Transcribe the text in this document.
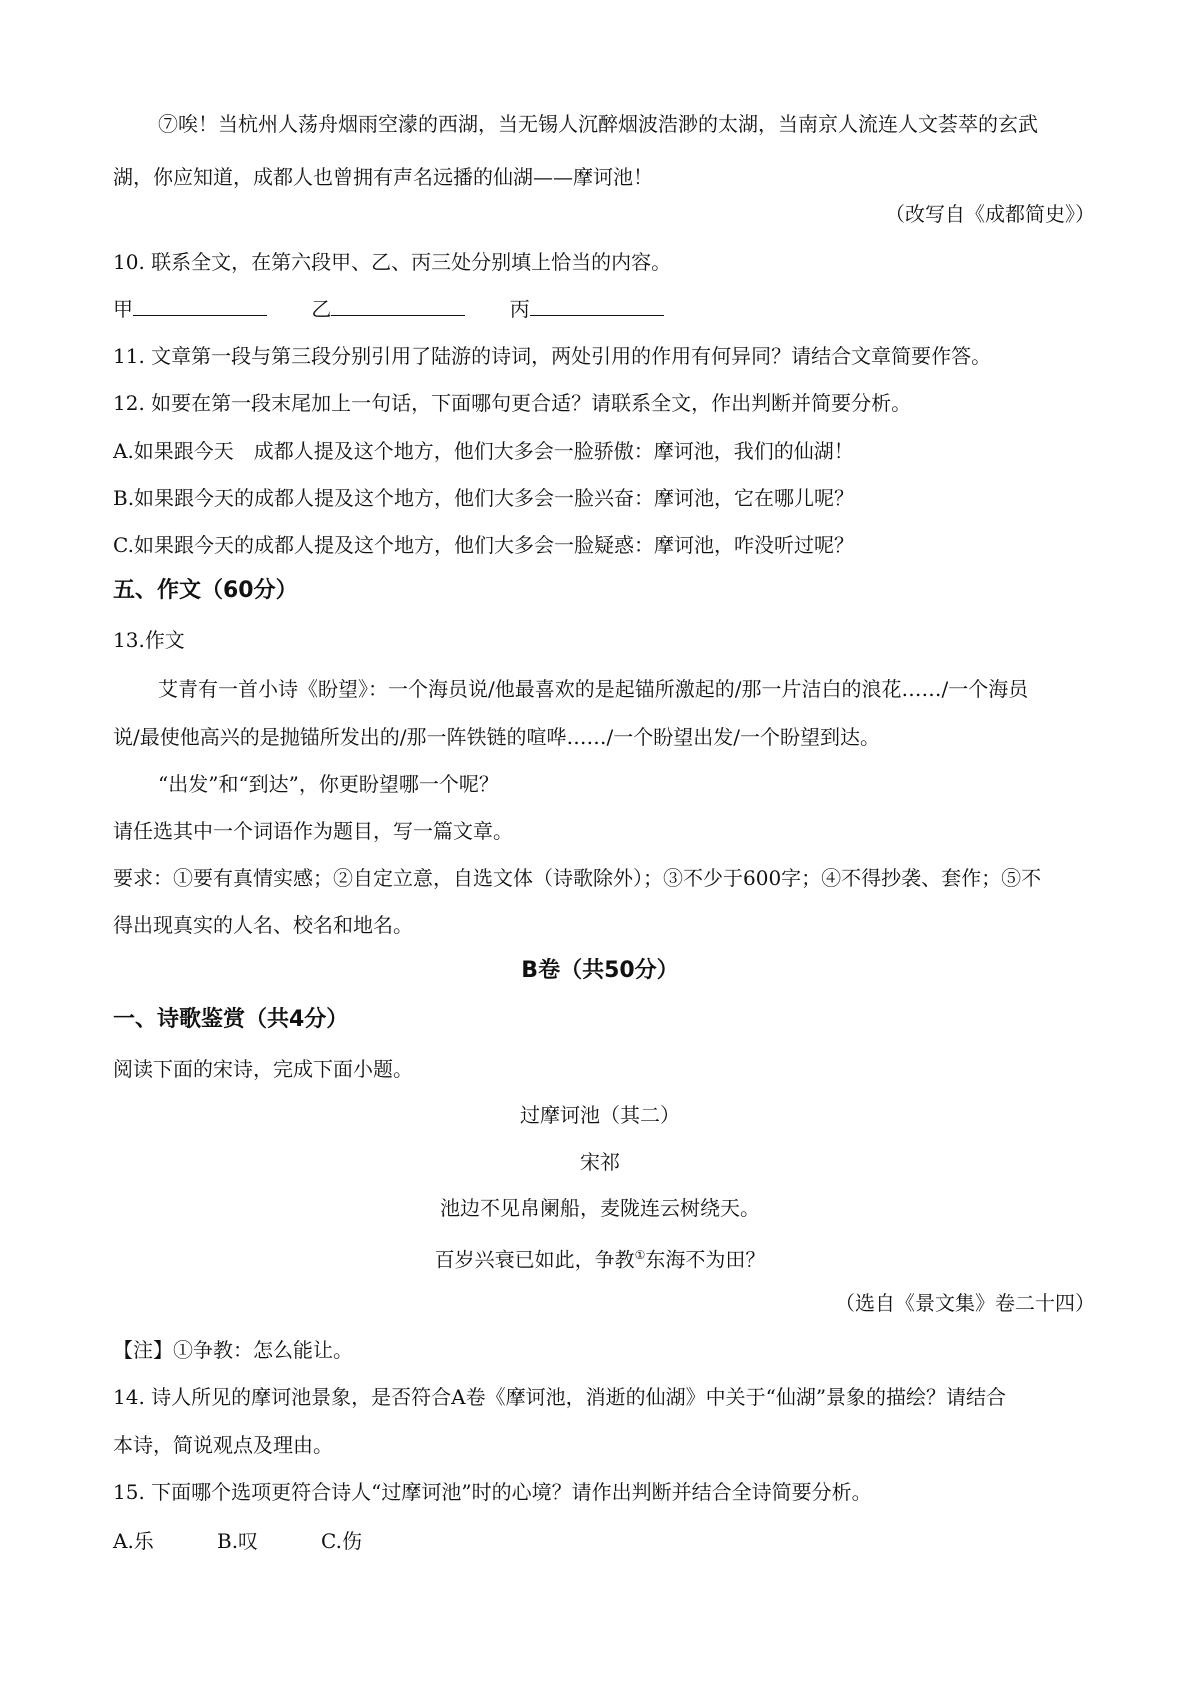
⑦唉！当杭州人荡舟烟雨空濛的西湖，当无锡人沉醉烟波浩渺的太湖，当南京人流连人文荟萃的玄武
湖，你应知道，成都人也曾拥有声名远播的仙湖——摩诃池！
（改写自《成都简史》）
10. 联系全文，在第六段甲、乙、丙三处分别填上恰当的内容。
甲	乙	丙
11. 文章第一段与第三段分别引用了陆游的诗词，两处引用的作用有何异同？请结合文章简要作答。
12. 如要在第一段末尾加上一句话，下面哪句更合适？请联系全文，作出判断并简要分析。
A.如果跟今天　成都人提及这个地方，他们大多会一脸骄傲：摩诃池，我们的仙湖！
B.如果跟今天的成都人提及这个地方，他们大多会一脸兴奋：摩诃池，它在哪儿呢？
C.如果跟今天的成都人提及这个地方，他们大多会一脸疑惑：摩诃池，咋没听过呢？
五、作文（60分）
13.作文
艾青有一首小诗《盼望》：一个海员说/他最喜欢的是起锚所激起的/那一片洁白的浪花……/一个海员
说/最使他高兴的是抛锚所发出的/那一阵铁链的喧哗……/一个盼望出发/一个盼望到达。
“出发”和“到达”，你更盼望哪一个呢？
请任选其中一个词语作为题目，写一篇文章。
要求：①要有真情实感；②自定立意，自选文体（诗歌除外）；③不少于600字；④不得抄袭、套作；⑤不
得出现真实的人名、校名和地名。
B卷（共50分）
一、诗歌鉴赏（共4分）
阅读下面的宋诗，完成下面小题。
过摩诃池（其二）
宋祁
池边不见帛阑船，麦陇连云树绕天。
百岁兴衰已如此，争教①东海不为田？
（选自《景文集》卷二十四）
【注】①争教：怎么能让。
14. 诗人所见的摩诃池景象，是否符合A卷《摩诃池，消逝的仙湖》中关于“仙湖”景象的描绘？请结合
本诗，简说观点及理由。
15. 下面哪个选项更符合诗人“过摩诃池”时的心境？请作出判断并结合全诗简要分析。
A.乐	B.叹	C.伤
